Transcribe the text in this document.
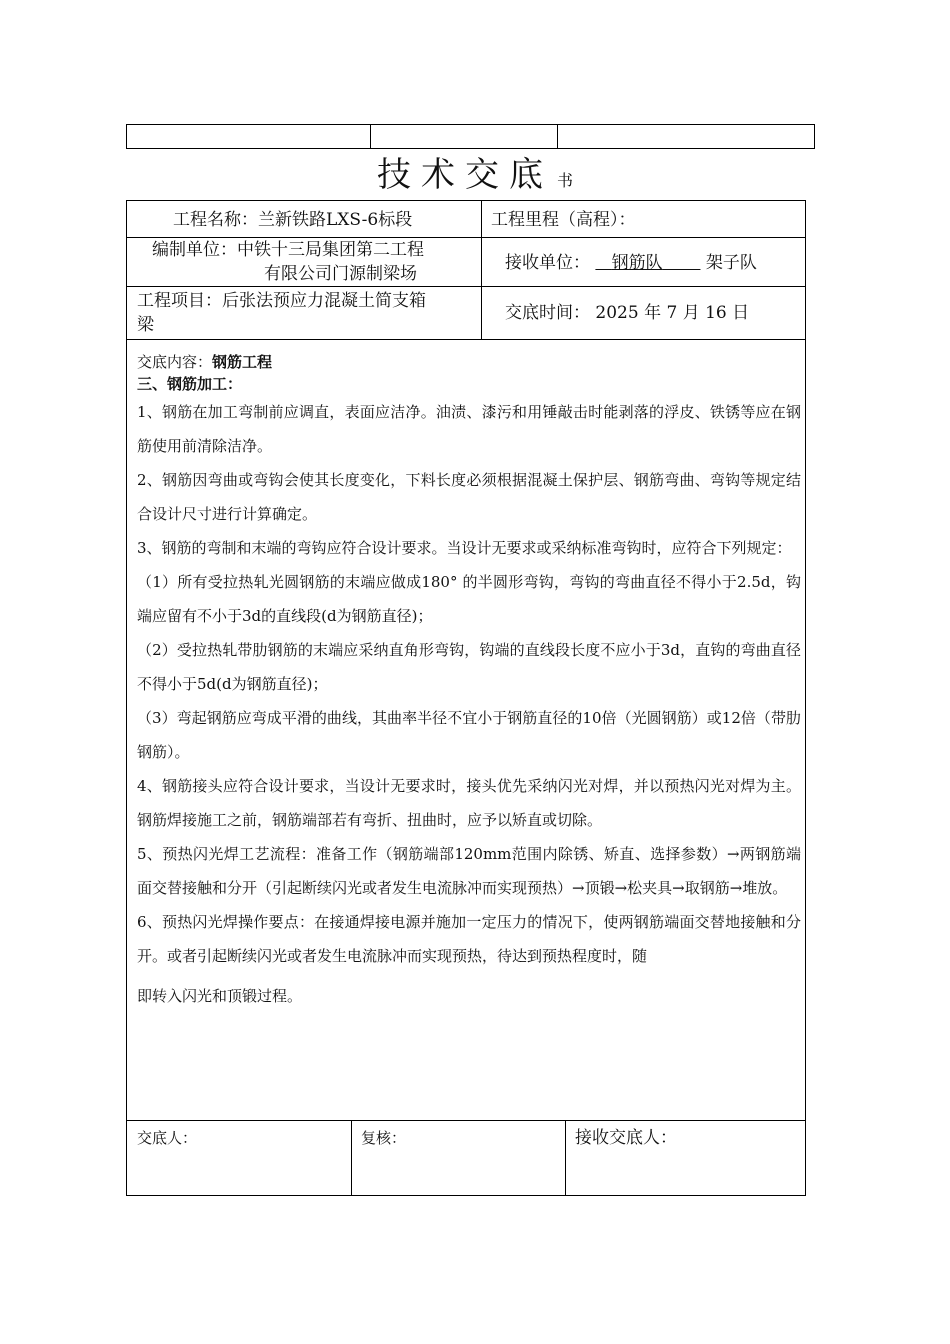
技术交底 书
工程名称：兰新铁路LXS-6标段	工程里程（高程）：
编制单位：中铁十三局集团第二工程
有限公司门源制梁场
接收单位： 钢筋队	架子队
工程项目：后张法预应力混凝土简支箱
梁
交底时间： 2025 年 7 月 16 日

交底内容：钢筋工程

三、钢筋加工：

1、钢筋在加工弯制前应调直，表面应洁净。油渍、漆污和用锤敲击时能剥落的浮皮、铁锈等应在钢筋使用前清除洁净。

2、钢筋因弯曲或弯钩会使其长度变化，下料长度必须根据混凝土保护层、钢筋弯曲、弯钩等规定结合设计尺寸进行计算确定。

3、钢筋的弯制和末端的弯钩应符合设计要求。当设计无要求或采纳标准弯钩时，应符合下列规定：

（1）所有受拉热轧光圆钢筋的末端应做成180° 的半圆形弯钩，弯钩的弯曲直径不得小于2.5d，钩端应留有不小于3d的直线段(d为钢筋直径)；

（2）受拉热轧带肋钢筋的末端应采纳直角形弯钩，钩端的直线段长度不应小于3d，直钩的弯曲直径不得小于5d(d为钢筋直径)；

（3）弯起钢筋应弯成平滑的曲线，其曲率半径不宜小于钢筋直径的10倍（光圆钢筋）或12倍（带肋钢筋）。

4、钢筋接头应符合设计要求，当设计无要求时，接头优先采纳闪光对焊，并以预热闪光对焊为主。钢筋焊接施工之前，钢筋端部若有弯折、扭曲时，应予以矫直或切除。

5、预热闪光焊工艺流程：准备工作（钢筋端部120mm范围内除锈、矫直、选择参数）→两钢筋端面交替接触和分开（引起断续闪光或者发生电流脉冲而实现预热）→顶锻→松夹具→取钢筋→堆放。

6、预热闪光焊操作要点：在接通焊接电源并施加一定压力的情况下，使两钢筋端面交替地接触和分开。或者引起断续闪光或者发生电流脉冲而实现预热，待达到预热程度时，随

即转入闪光和顶锻过程。

交底人：	复核：	接收交底人：
